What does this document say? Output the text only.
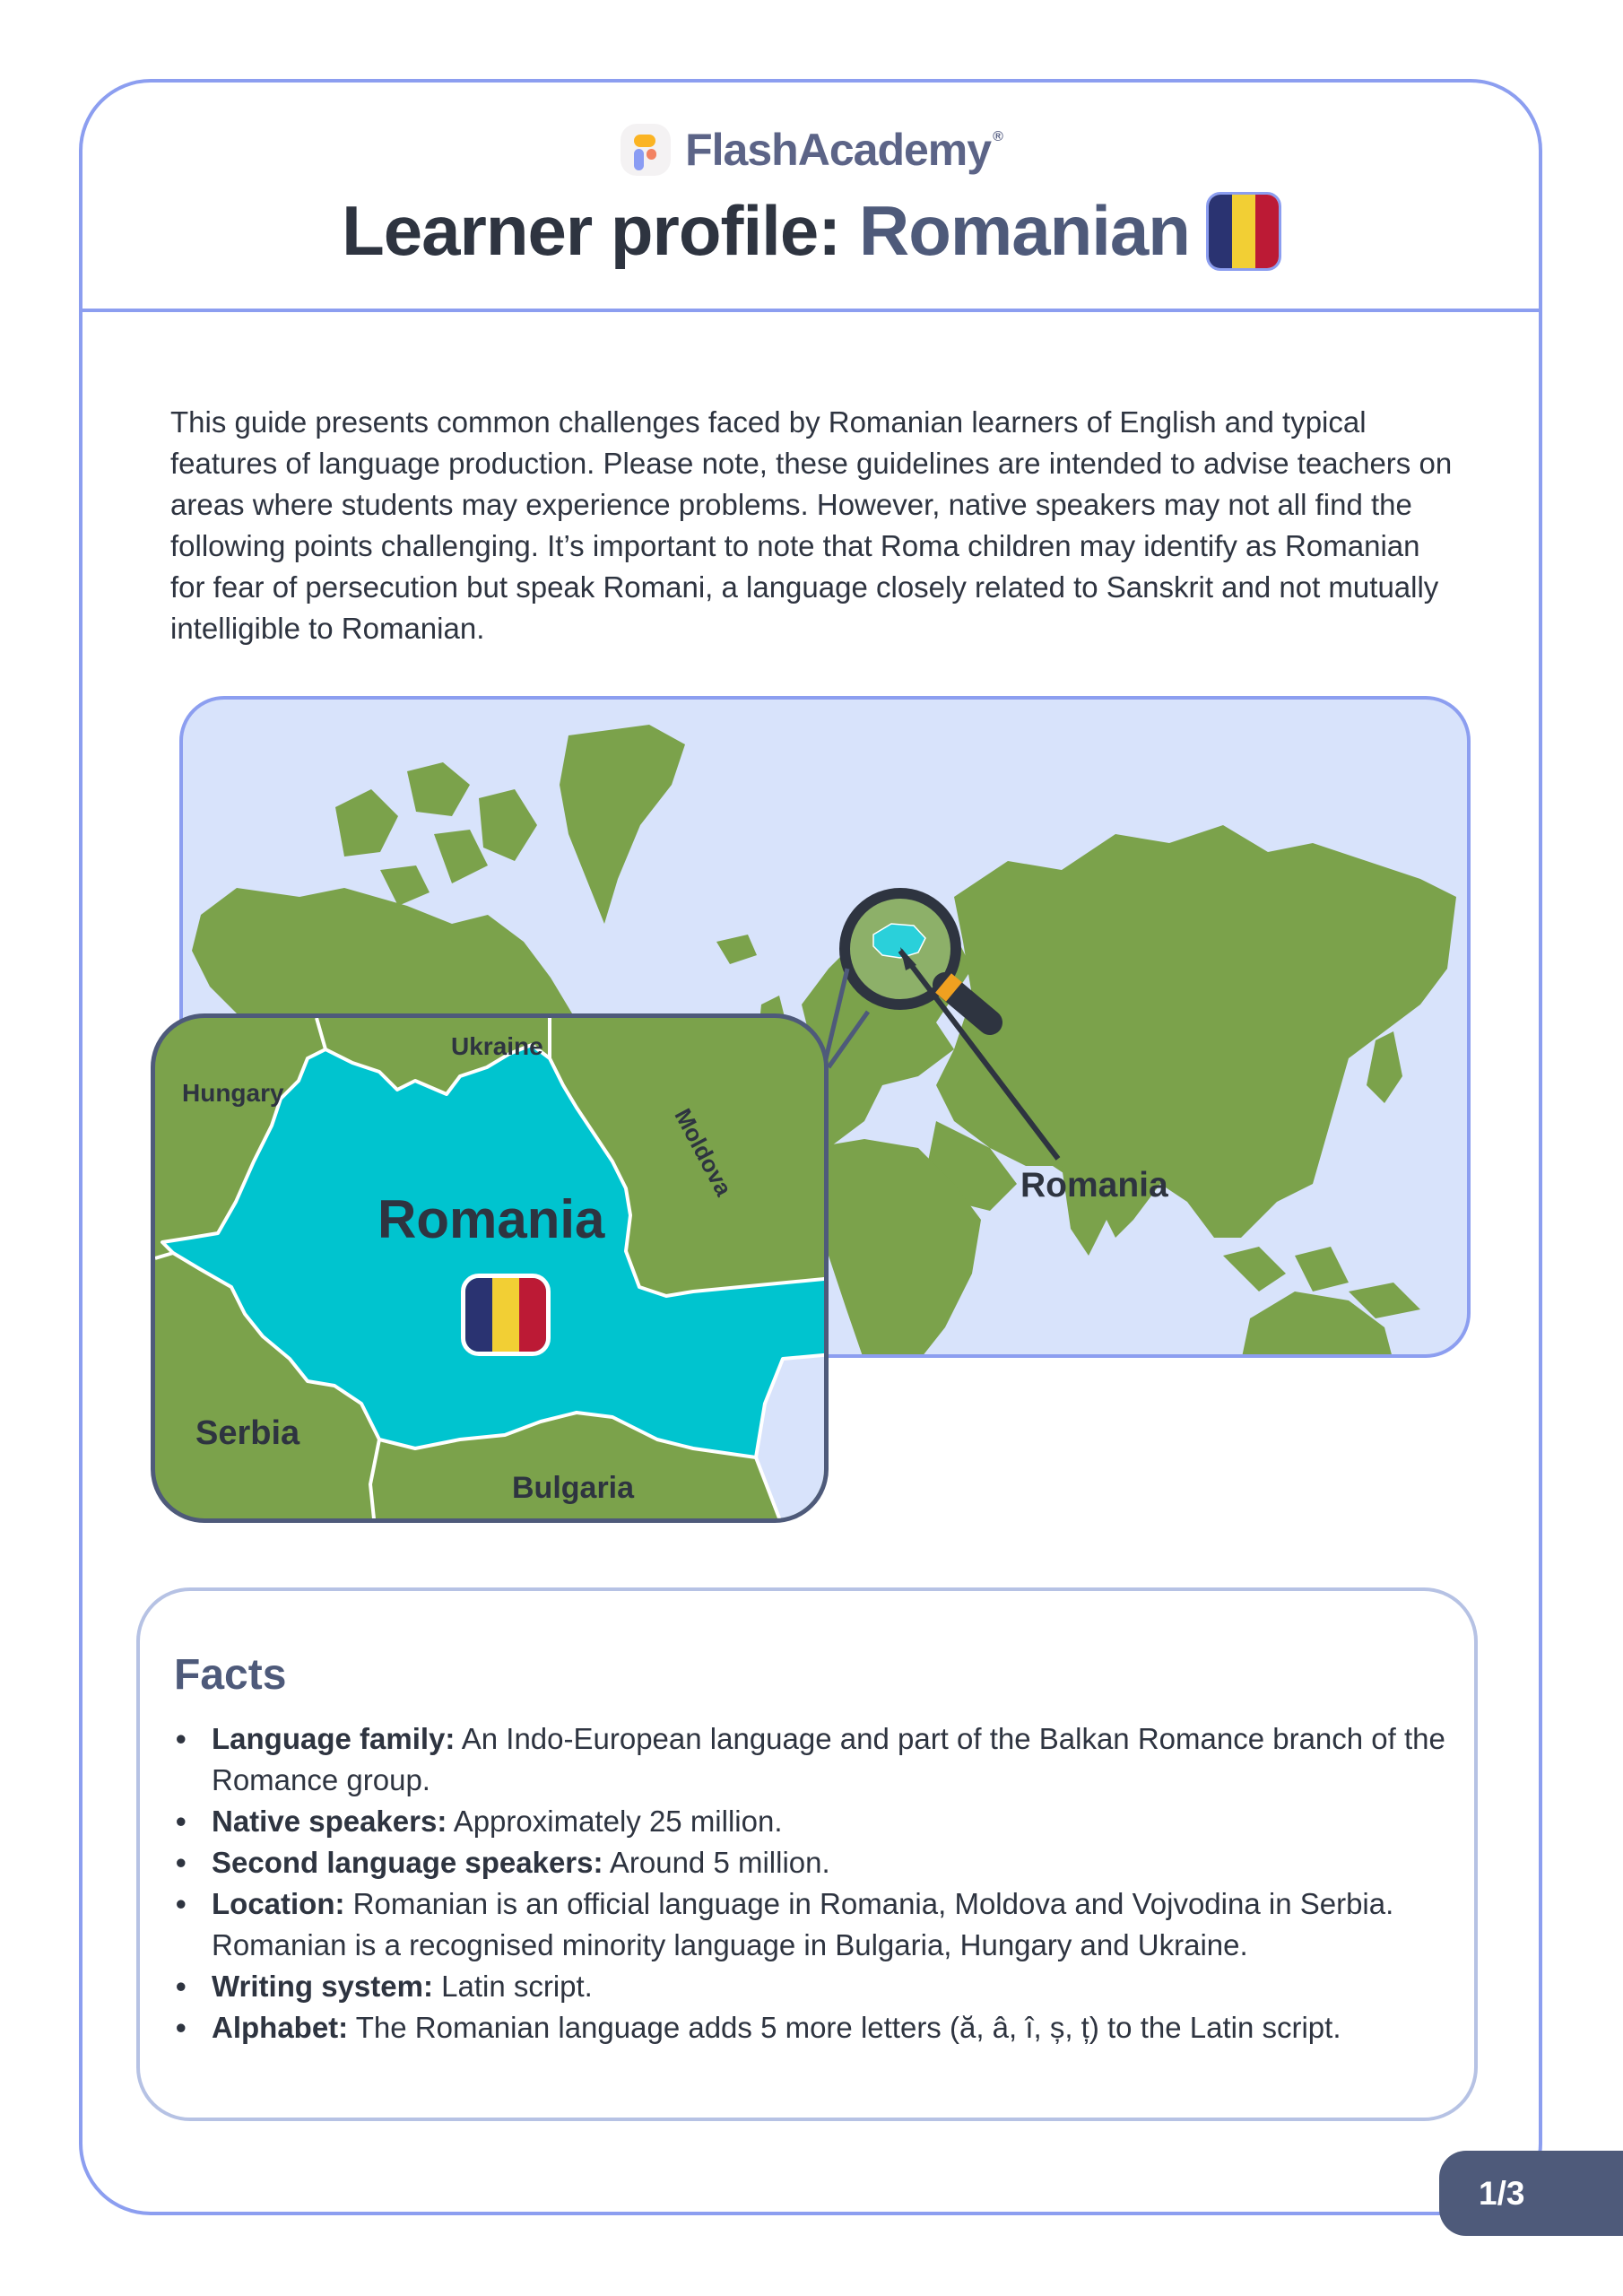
FlashAcademy ®
Learner profile: Romanian

This guide presents common challenges faced by Romanian learners of English and typical features of language production. Please note, these guidelines are intended to advise teachers on areas where students may experience problems. However, native speakers may not all find the following points challenging. It’s important to note that Roma children may identify as Romanian for fear of persecution but speak Romani, a language closely related to Sanskrit and not mutually intelligible to Romanian.

Romania
Ukraine
Hungary
Moldova
Romania
Serbia
Bulgaria
Facts
• Language family: An Indo-European language and part of the Balkan Romance branch of the Romance group.
• Native speakers: Approximately 25 million.
• Second language speakers: Around 5 million.
• Location: Romanian is an official language in Romania, Moldova and Vojvodina in Serbia. Romanian is a recognised minority language in Bulgaria, Hungary and Ukraine.
• Writing system: Latin script.
• Alphabet: The Romanian language adds 5 more letters (ă, â, î, ș, ț) to the Latin script.
1/3
